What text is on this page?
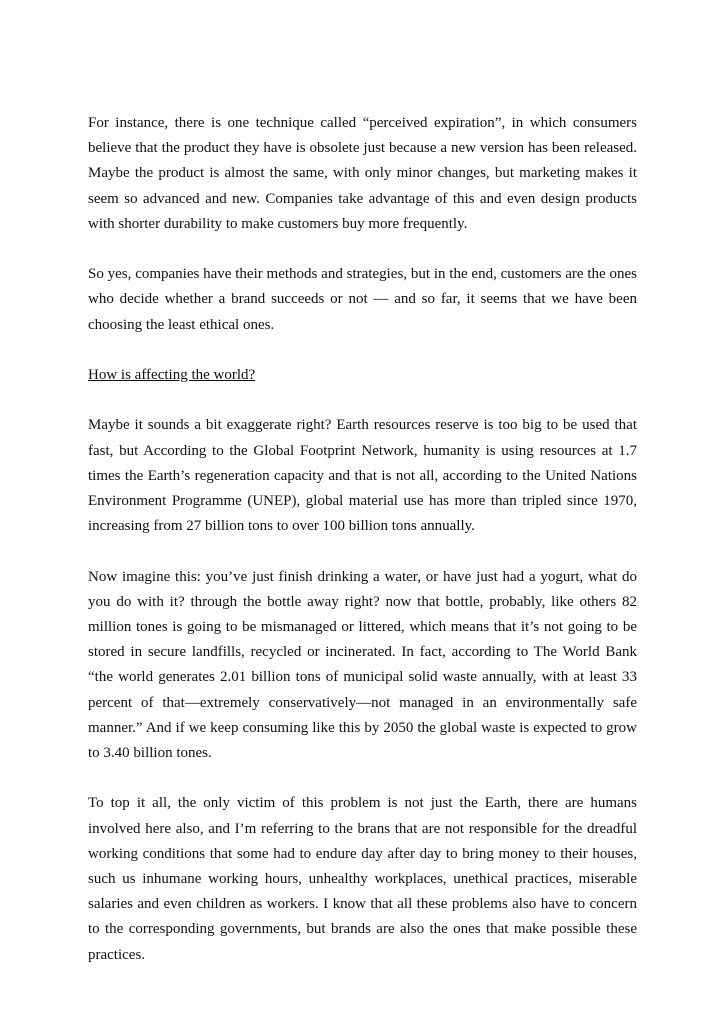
For instance, there is one technique called “perceived expiration”, in which consumers believe that the product they have is obsolete just because a new version has been released. Maybe the product is almost the same, with only minor changes, but marketing makes it seem so advanced and new. Companies take advantage of this and even design products with shorter durability to make customers buy more frequently.

So yes, companies have their methods and strategies, but in the end, customers are the ones who decide whether a brand succeeds or not — and so far, it seems that we have been choosing the least ethical ones.

How is affecting the world?

Maybe it sounds a bit exaggerate right? Earth resources reserve is too big to be used that fast, but According to the Global Footprint Network, humanity is using resources at 1.7 times the Earth’s regeneration capacity and that is not all, according to the United Nations Environment Programme (UNEP), global material use has more than tripled since 1970, increasing from 27 billion tons to over 100 billion tons annually.

Now imagine this: you’ve just finish drinking a water, or have just had a yogurt, what do you do with it? through the bottle away right? now that bottle, probably, like others 82 million tones is going to be mismanaged or littered, which means that it’s not going to be stored in secure landfills, recycled or incinerated. In fact, according to The World Bank “the world generates 2.01 billion tons of municipal solid waste annually, with at least 33 percent of that—extremely conservatively—not managed in an environmentally safe manner.” And if we keep consuming like this by 2050 the global waste is expected to grow to 3.40 billion tones.

To top it all, the only victim of this problem is not just the Earth, there are humans involved here also, and I’m referring to the brans that are not responsible for the dreadful working conditions that some had to endure day after day to bring money to their houses, such us inhumane working hours, unhealthy workplaces, unethical practices, miserable salaries and even children as workers. I know that all these problems also have to concern to the corresponding governments, but brands are also the ones that make possible these practices.
